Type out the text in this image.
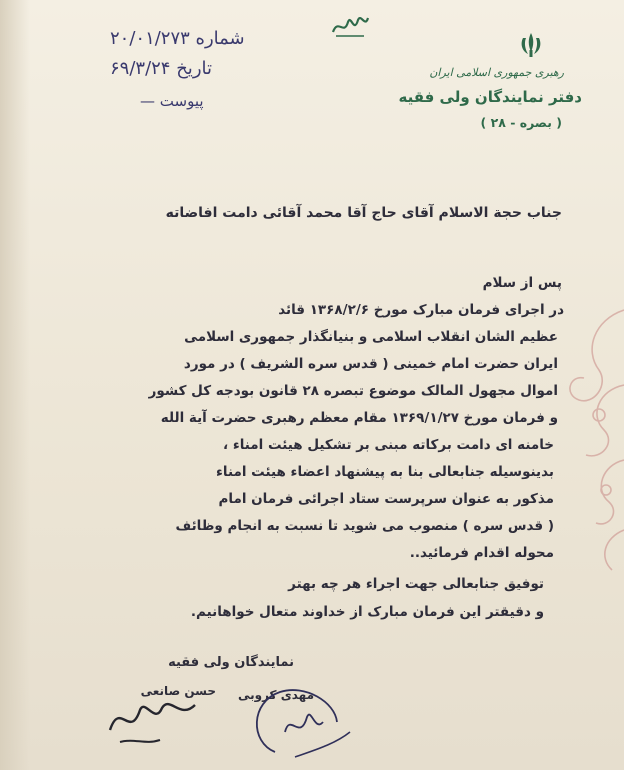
رهبری جمهوری اسلامی ایران
دفتر نمایندگان ولی فقیه
( بصره - ۲۸ )
شماره ۲۰/۰۱/۲۷۳
تاریخ ۶۹/۳/۲۴
پیوست —
جناب حجة الاسلام آقای حاج آقا محمد آقائی دامت افاضاته
پس از سلام
در اجرای فرمان مبارک مورخ ۱۳۶۸/۲/۶ قائد
عظیم الشان انقلاب اسلامی و بنیانگذار جمهوری اسلامی
ایران حضرت امام خمینی ( قدس سره الشریف ) در مورد
اموال مجهول المالک موضوع تبصره ۲۸ قانون بودجه کل کشور
و فرمان مورخ ۱۳۶۹/۱/۲۷ مقام معظم رهبری حضرت آیة الله
خامنه ای دامت برکاته مبنی بر تشکیل هیئت امناء ،
بدینوسیله جنابعالی بنا به پیشنهاد اعضاء هیئت امناء
مذکور به عنوان سرپرست ستاد اجرائی فرمان امام
( قدس سره ) منصوب می شوید تا نسبت به انجام وظائف
محوله اقدام فرمائید..
توفیق جنابعالی جهت اجراء هر چه بهتر
و دقیقتر این فرمان مبارک از خداوند متعال خواهانیم.
نمایندگان ولی فقیه
مهدی کروبی
حسن صانعی
